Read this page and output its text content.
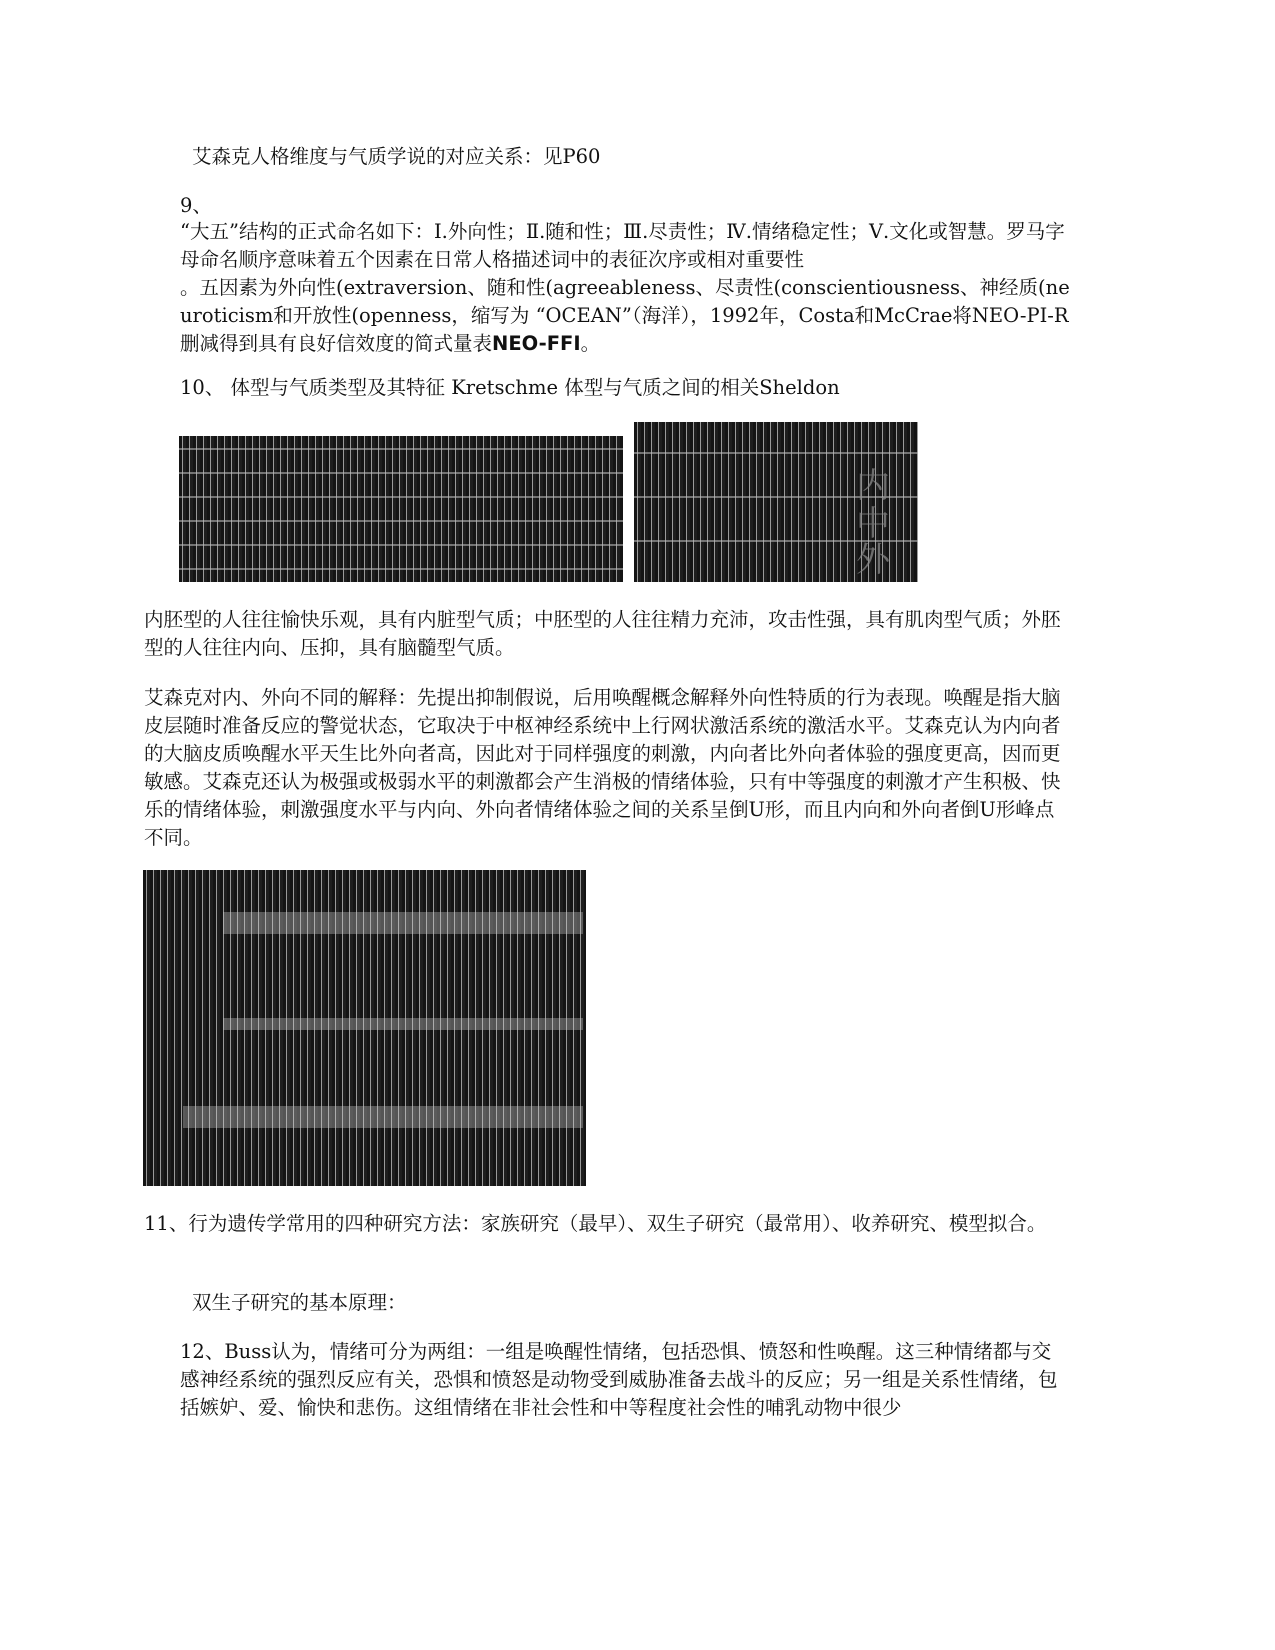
艾森克人格维度与气质学说的对应关系：见P60

9、

“大五”结构的正式命名如下：Ⅰ.外向性；Ⅱ.随和性；Ⅲ.尽责性；Ⅳ.情绪稳定性；Ⅴ.文化或智慧。罗马字母命名顺序意味着五个因素在日常人格描述词中的表征次序或相对重要性
。五因素为外向性(extraversion、随和性(agreeableness、尽责性(conscientiousness、神经质(neuroticism和开放性(openness，缩写为 “OCEAN”（海洋），1992年，Costa和McCrae将NEO-PI-R删减得到具有良好信效度的简式量表NEO-FFI。

10、 体型与气质类型及其特征 Kretschme 体型与气质之间的相关Sheldon

内
中
外

内胚型的人往往愉快乐观，具有内脏型气质；中胚型的人往往精力充沛，攻击性强，具有肌肉型气质；外胚型的人往往内向、压抑，具有脑髓型气质。

艾森克对内、外向不同的解释：先提出抑制假说，后用唤醒概念解释外向性特质的行为表现。唤醒是指大脑皮层随时准备反应的警觉状态，它取决于中枢神经系统中上行网状激活系统的激活水平。艾森克认为内向者的大脑皮质唤醒水平天生比外向者高，因此对于同样强度的刺激，内向者比外向者体验的强度更高，因而更敏感。艾森克还认为极强或极弱水平的刺激都会产生消极的情绪体验，只有中等强度的刺激才产生积极、快乐的情绪体验，刺激强度水平与内向、外向者情绪体验之间的关系呈倒U形，而且内向和外向者倒U形峰点不同。

11、行为遗传学常用的四种研究方法：家族研究（最早）、双生子研究（最常用）、收养研究、模型拟合。

双生子研究的基本原理：

12、Buss认为，情绪可分为两组：一组是唤醒性情绪，包括恐惧、愤怒和性唤醒。这三种情绪都与交感神经系统的强烈反应有关，恐惧和愤怒是动物受到威胁准备去战斗的反应；另一组是关系性情绪，包括嫉妒、爱、愉快和悲伤。这组情绪在非社会性和中等程度社会性的哺乳动物中很少
